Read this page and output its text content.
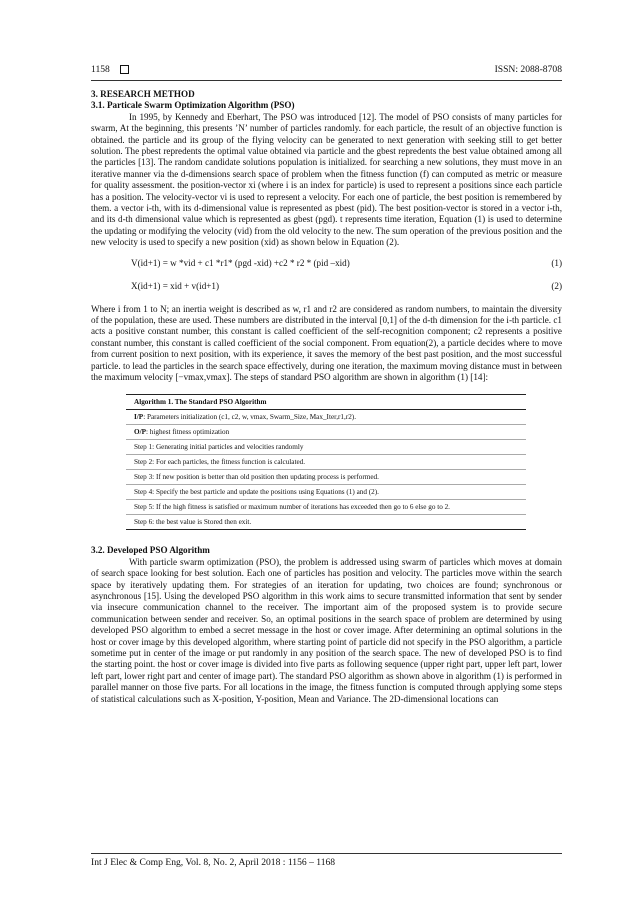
1158	ISSN: 2088-8708

3. RESEARCH METHOD

3.1. Particale Swarm Optimization Algorithm (PSO)

In 1995, by Kennedy and Eberhart, The PSO was introduced [12]. The model of PSO consists of many particles for swarm, At the beginning, this presents ’N’ number of particles randomly. for each particle, the result of an objective function is obtained. the particle and its group of the flying velocity can be generated to next generation with seeking still to get better solution. The pbest repredents the optimal value obtained via particle and the gbest repredents the best value obtained among all the particles [13]. The random candidate solutions population is initialized. for searching a new solutions, they must move in an iterative manner via the d-dimensions search space of problem when the fitness function (f) can computed as metric or measure for quality assessment. the position-vector xi (where i is an index for particle) is used to represent a positions since each particle has a position. The velocity-vector vi is used to represent a velocity. For each one of particle, the best position is remembered by them. a vector i-th, with its d-dimensional value is represented as pbest (pid). The best position-vector is stored in a vector i-th, and its d-th dimensional value which is represented as gbest (pgd). t represents time iteration, Equation (1) is used to determine the updating or modifying the velocity (vid) from the old velocity to the new. The sum operation of the previous position and the new velocity is used to specify a new position (xid) as shown below in Equation (2).

V(id+1) = w *vid + c1 *r1* (pgd -xid) +c2 * r2 * (pid –xid)	(1)
X(id+1) = xid + v(id+1)	(2)

Where i from 1 to N; an inertia weight is described as w, r1 and r2 are considered as random numbers, to maintain the diversity of the population, these are used. These numbers are distributed in the interval [0,1] of the d-th dimension for the i-th particle. c1 acts a positive constant number, this constant is called coefficient of the self-recognition component; c2 represents a positive constant number, this constant is called coefficient of the social component. From equation(2), a particle decides where to move from current position to next position, with its experience, it saves the memory of the best past position, and the most successful particle. to lead the particles in the search space effectively, during one iteration, the maximum moving distance must in between the maximum velocity [−vmax,vmax]. The steps of standard PSO algorithm are shown in algorithm (1) [14]:

Algorithm 1. The Standard PSO Algorithm
I/P: Parameters initialization (c1, c2, w, vmax, Swarm_Size, Max_Iter,r1,r2).
O/P: highest fitness optimization
Step 1: Generating initial particles and velocities randomly
Step 2: For each particles, the fitness function is calculated.
Step 3: If new position is better than old position then updating process is performed.
Step 4: Specify the best particle and update the positions using Equations (1) and (2).
Step 5: If the high fitness is satisfied or maximum number of iterations has exceeded then go to 6 else go to 2.
Step 6: the best value is Stored then exit.

3.2. Developed PSO Algorithm

With particle swarm optimization (PSO), the problem is addressed using swarm of particles which moves at domain of search space looking for best solution. Each one of particles has position and velocity. The particles move within the search space by iteratively updating them. For strategies of an iteration for updating, two choices are found; synchronous or asynchronous [15]. Using the developed PSO algorithm in this work aims to secure transmitted information that sent by sender via insecure communication channel to the receiver. The important aim of the proposed system is to provide secure communication between sender and receiver. So, an optimal positions in the search space of problem are determined by using developed PSO algorithm to embed a secret message in the host or cover image. After determining an optimal solutions in the host or cover image by this developed algorithm, where starting point of particle did not specify in the PSO algorithm, a particle sometime put in center of the image or put randomly in any position of the search space. The new of developed PSO is to find the starting point. the host or cover image is divided into five parts as following sequence (upper right part, upper left part, lower left part, lower right part and center of image part). The standard PSO algorithm as shown above in algorithm (1) is performed in parallel manner on those five parts. For all locations in the image, the fitness function is computed through applying some steps of statistical calculations such as X-position, Y-position, Mean and Variance. The 2D-dimensional locations can

Int J Elec & Comp Eng, Vol. 8, No. 2, April 2018 : 1156 – 1168
